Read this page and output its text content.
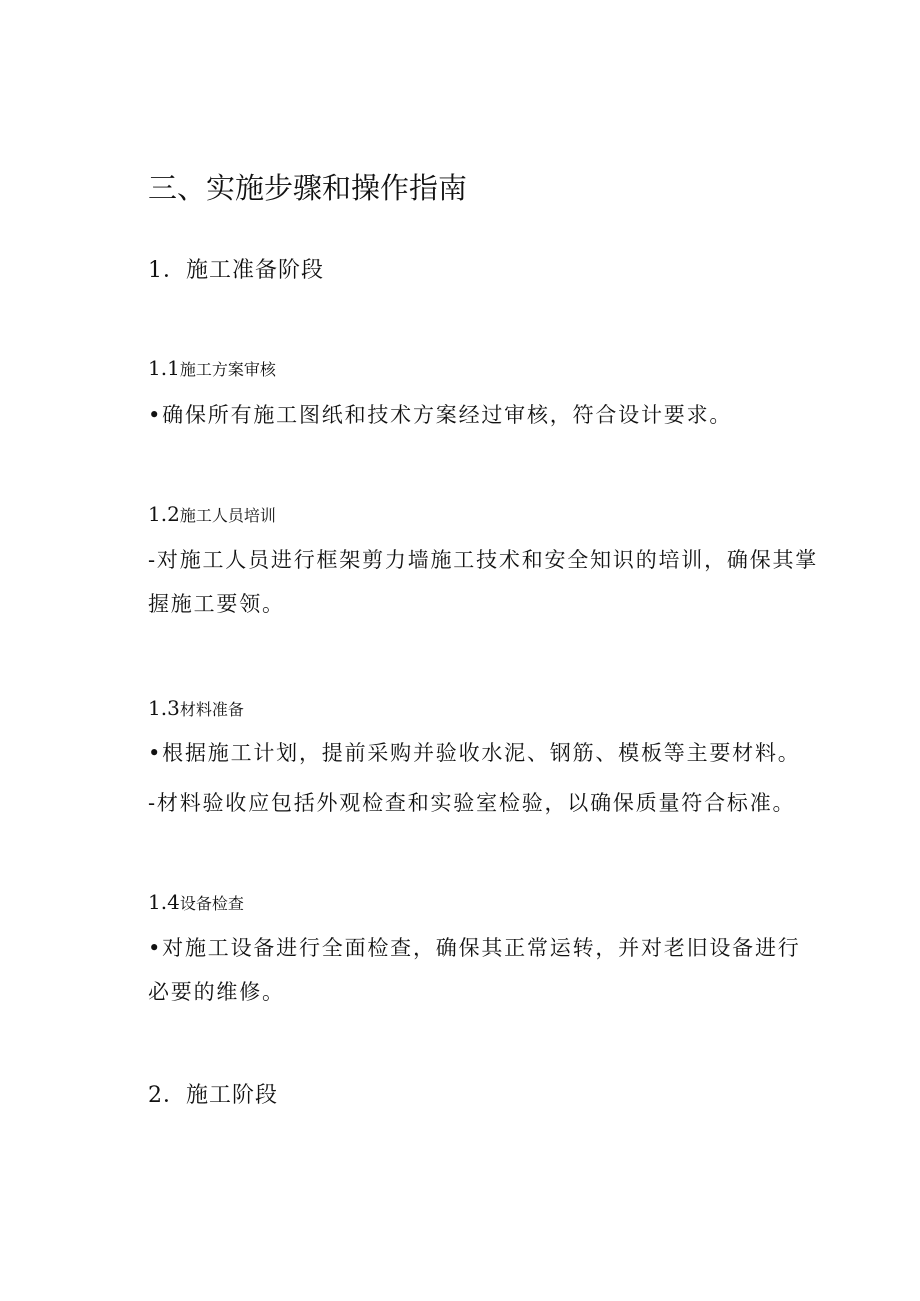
三、实施步骤和操作指南
1．施工准备阶段
1.1施工方案审核
•确保所有施工图纸和技术方案经过审核，符合设计要求。
1.2施工人员培训
-对施工人员进行框架剪力墙施工技术和安全知识的培训，确保其掌握施工要领。
1.3材料准备
•根据施工计划，提前采购并验收水泥、钢筋、模板等主要材料。
-材料验收应包括外观检查和实验室检验，以确保质量符合标准。
1.4设备检查
•对施工设备进行全面检查，确保其正常运转，并对老旧设备进行必要的维修。
2．施工阶段
